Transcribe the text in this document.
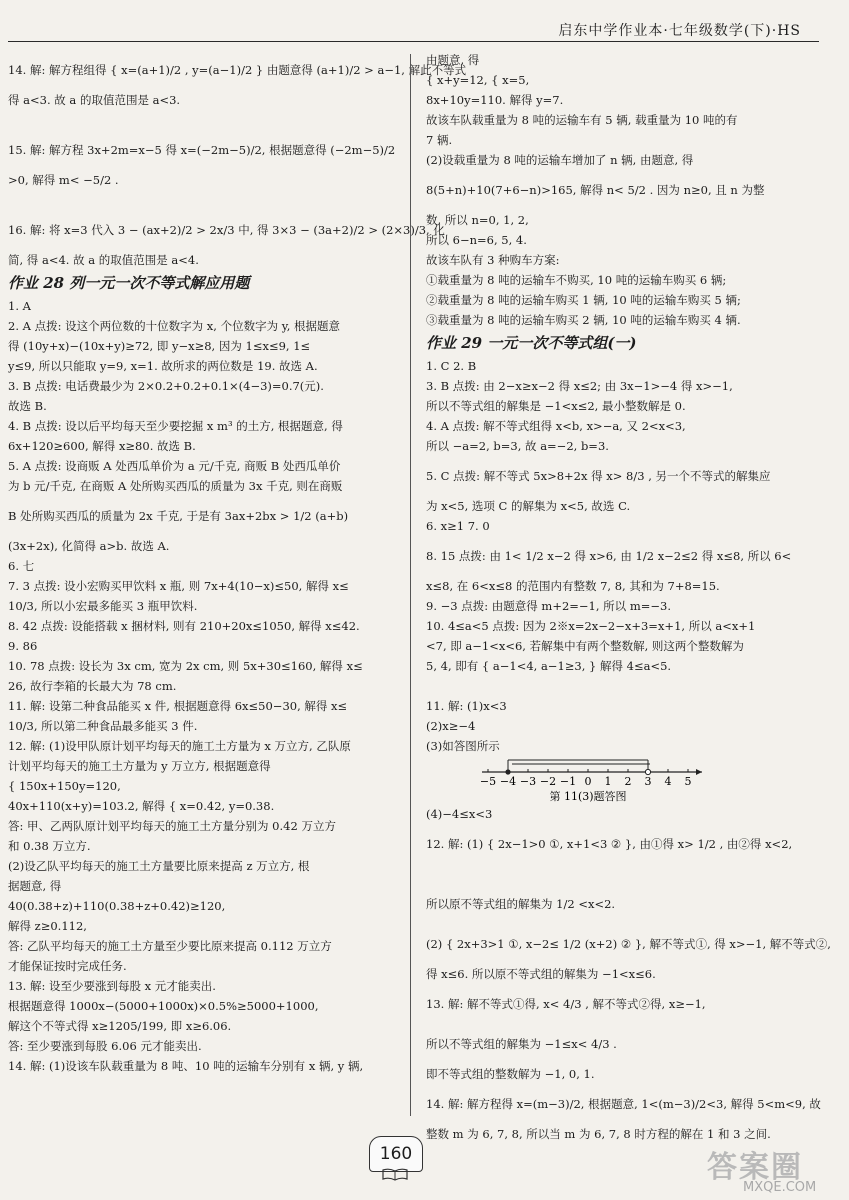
启东中学作业本·七年级数学(下)·HS
14. 解: 解方程组得 { x=(a+1)/2 , y=(a−1)/2 } 由题意得 (a+1)/2 > a−1, 解此不等式
得 a<3. 故 a 的取值范围是 a<3.
15. 解: 解方程 3x+2m=x−5 得 x=(−2m−5)/2, 根据题意得 (−2m−5)/2
>0, 解得 m< −5/2 .
16. 解: 将 x=3 代入 3 − (ax+2)/2 > 2x/3 中, 得 3×3 − (3a+2)/2 > (2×3)/3, 化
简, 得 a<4. 故 a 的取值范围是 a<4.
作业 28 列一元一次不等式解应用题
1. A
2. A 点拨: 设这个两位数的十位数字为 x, 个位数字为 y, 根据题意
得 (10y+x)−(10x+y)≥72, 即 y−x≥8, 因为 1≤x≤9, 1≤
y≤9, 所以只能取 y=9, x=1. 故所求的两位数是 19. 故选 A.
3. B 点拨: 电话费最少为 2×0.2+0.2+0.1×(4−3)=0.7(元).
故选 B.
4. B 点拨: 设以后平均每天至少要挖掘 x m³ 的土方, 根据题意, 得
6x+120≥600, 解得 x≥80. 故选 B.
5. A 点拨: 设商贩 A 处西瓜单价为 a 元/千克, 商贩 B 处西瓜单价
为 b 元/千克, 在商贩 A 处所购买西瓜的质量为 3x 千克, 则在商贩
B 处所购买西瓜的质量为 2x 千克, 于是有 3ax+2bx > 1/2 (a+b)
(3x+2x), 化简得 a>b. 故选 A.
6. 七
7. 3 点拨: 设小宏购买甲饮料 x 瓶, 则 7x+4(10−x)≤50, 解得 x≤
10/3, 所以小宏最多能买 3 瓶甲饮料.
8. 42 点拨: 设能搭载 x 捆材料, 则有 210+20x≤1050, 解得 x≤42.
9. 86
10. 78 点拨: 设长为 3x cm, 宽为 2x cm, 则 5x+30≤160, 解得 x≤
26, 故行李箱的长最大为 78 cm.
11. 解: 设第二种食品能买 x 件, 根据题意得 6x≤50−30, 解得 x≤
10/3, 所以第二种食品最多能买 3 件.
12. 解: (1)设甲队原计划平均每天的施工土方量为 x 万立方, 乙队原
计划平均每天的施工土方量为 y 万立方, 根据题意得
{ 150x+150y=120,
40x+110(x+y)=103.2, 解得 { x=0.42, y=0.38.
答: 甲、乙两队原计划平均每天的施工土方量分别为 0.42 万立方
和 0.38 万立方.
(2)设乙队平均每天的施工土方量要比原来提高 z 万立方, 根
据题意, 得
40(0.38+z)+110(0.38+z+0.42)≥120,
解得 z≥0.112,
答: 乙队平均每天的施工土方量至少要比原来提高 0.112 万立方
才能保证按时完成任务.
13. 解: 设至少要涨到每股 x 元才能卖出.
根据题意得 1000x−(5000+1000x)×0.5%≥5000+1000,
解这个不等式得 x≥1205/199, 即 x≥6.06.
答: 至少要涨到每股 6.06 元才能卖出.
14. 解: (1)设该车队载重量为 8 吨、10 吨的运输车分别有 x 辆, y 辆,
由题意, 得
{ x+y=12, { x=5,
8x+10y=110. 解得 y=7.
故该车队载重量为 8 吨的运输车有 5 辆, 载重量为 10 吨的有
7 辆.
(2)设载重量为 8 吨的运输车增加了 n 辆, 由题意, 得
8(5+n)+10(7+6−n)>165, 解得 n< 5/2 . 因为 n≥0, 且 n 为整
数, 所以 n=0, 1, 2,
所以 6−n=6, 5, 4.
故该车队有 3 种购车方案:
①载重量为 8 吨的运输车不购买, 10 吨的运输车购买 6 辆;
②载重量为 8 吨的运输车购买 1 辆, 10 吨的运输车购买 5 辆;
③载重量为 8 吨的运输车购买 2 辆, 10 吨的运输车购买 4 辆.
作业 29 一元一次不等式组(一)
1. C 2. B
3. B 点拨: 由 2−x≥x−2 得 x≤2; 由 3x−1>−4 得 x>−1,
所以不等式组的解集是 −1<x≤2, 最小整数解是 0.
4. A 点拨: 解不等式组得 x<b, x>−a, 又 2<x<3,
所以 −a=2, b=3, 故 a=−2, b=3.
5. C 点拨: 解不等式 5x>8+2x 得 x> 8/3 , 另一个不等式的解集应
为 x<5, 选项 C 的解集为 x<5, 故选 C.
6. x≥1 7. 0
8. 15 点拨: 由 1< 1/2 x−2 得 x>6, 由 1/2 x−2≤2 得 x≤8, 所以 6<
x≤8, 在 6<x≤8 的范围内有整数 7, 8, 其和为 7+8=15.
9. −3 点拨: 由题意得 m+2=−1, 所以 m=−3.
10. 4≤a<5 点拨: 因为 2※x=2x−2−x+3=x+1, 所以 a<x+1
<7, 即 a−1<x<6, 若解集中有两个整数解, 则这两个整数解为
5, 4, 即有 { a−1<4, a−1≥3, } 解得 4≤a<5.
11. 解: (1)x<3
(2)x≥−4
(3)如答图所示
−5 −4 −3 −2 −1 0 1 2 3 4 5
第 11(3)题答图
(4)−4≤x<3
12. 解: (1) { 2x−1>0 ①, x+1<3 ② }, 由①得 x> 1/2 , 由②得 x<2,
所以原不等式组的解集为 1/2 <x<2.
(2) { 2x+3>1 ①, x−2≤ 1/2 (x+2) ② }, 解不等式①, 得 x>−1, 解不等式②,
得 x≤6. 所以原不等式组的解集为 −1<x≤6.
13. 解: 解不等式①得, x< 4/3 , 解不等式②得, x≥−1,
所以不等式组的解集为 −1≤x< 4/3 .
即不等式组的整数解为 −1, 0, 1.
14. 解: 解方程得 x=(m−3)/2, 根据题意, 1<(m−3)/2<3, 解得 5<m<9, 故
整数 m 为 6, 7, 8, 所以当 m 为 6, 7, 8 时方程的解在 1 和 3 之间.
160	答案圈
MXQE.COM
